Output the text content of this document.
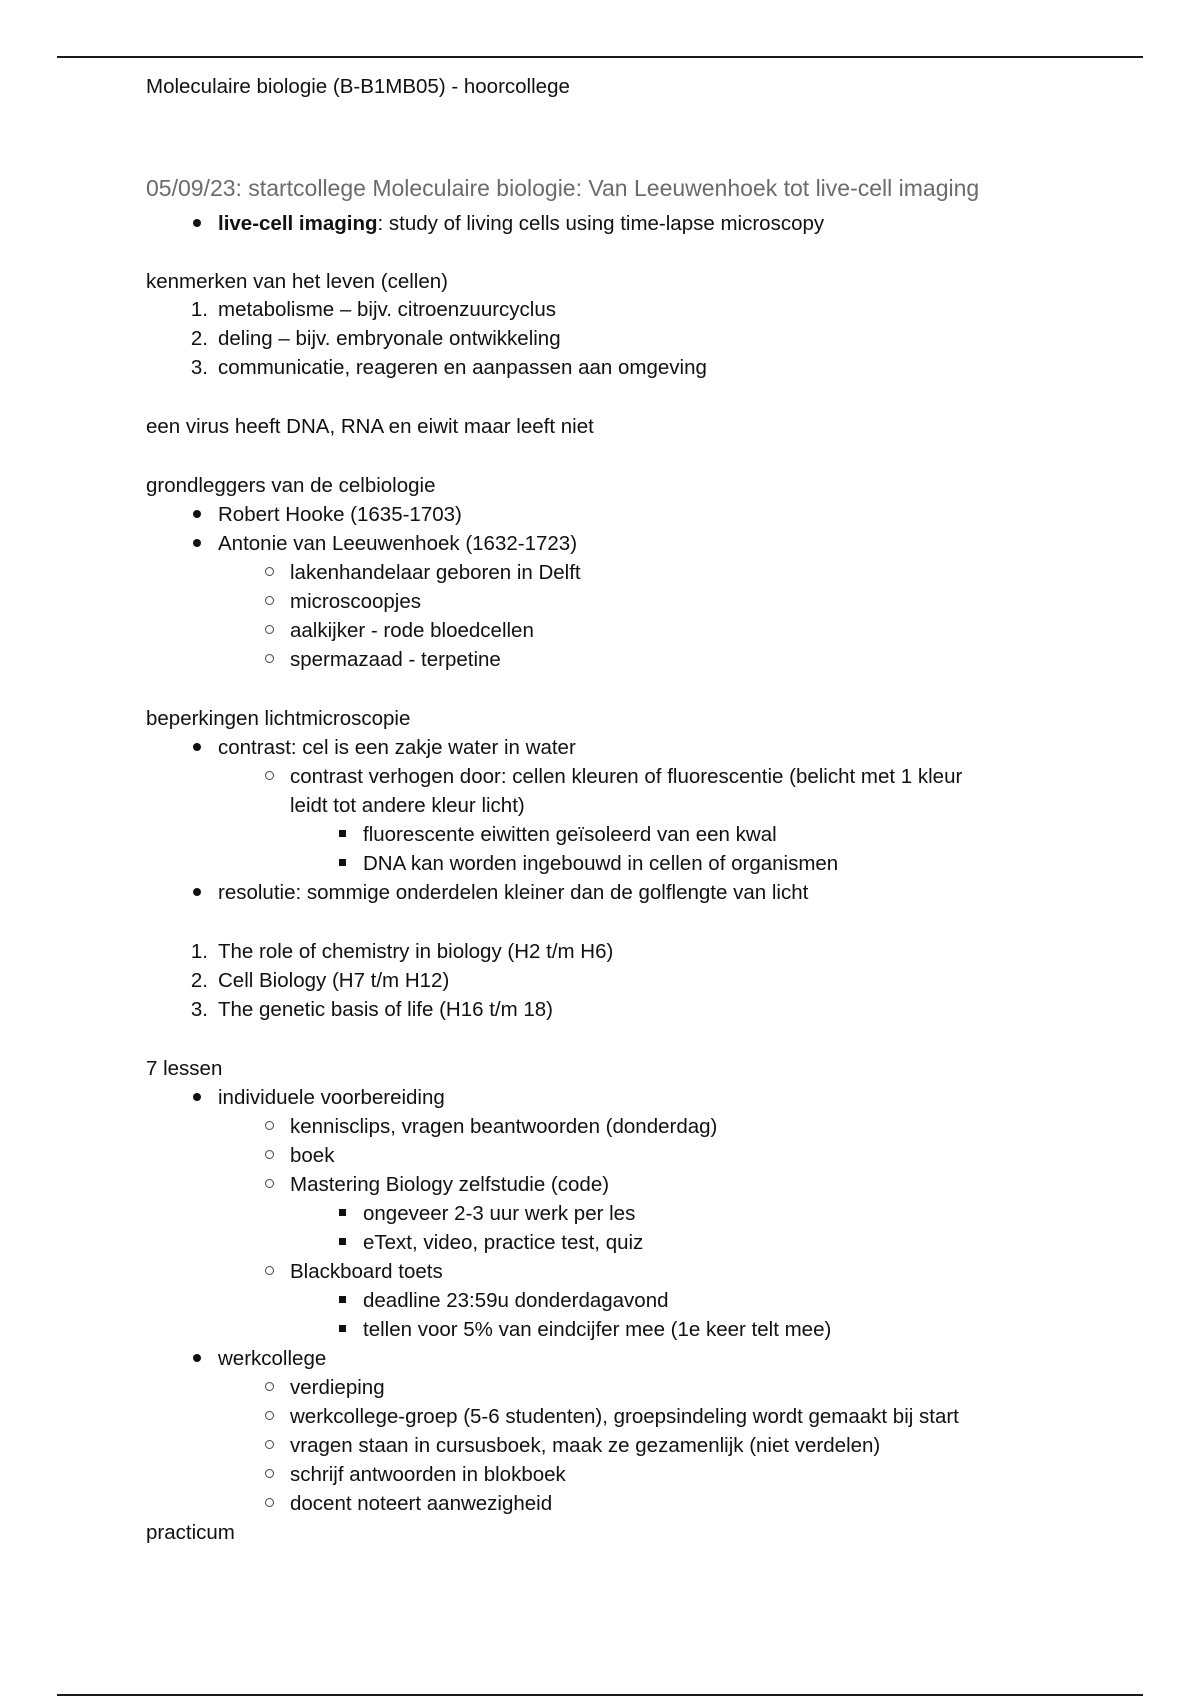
Moleculaire biologie (B-B1MB05) - hoorcollege
05/09/23: startcollege Moleculaire biologie: Van Leeuwenhoek tot live-cell imaging
live-cell imaging: study of living cells using time-lapse microscopy
kenmerken van het leven (cellen)
1. metabolisme – bijv. citroenzuurcyclus
2. deling – bijv. embryonale ontwikkeling
3. communicatie, reageren en aanpassen aan omgeving
een virus heeft DNA, RNA en eiwit maar leeft niet
grondleggers van de celbiologie
Robert Hooke (1635-1703)
Antonie van Leeuwenhoek (1632-1723)
lakenhandelaar geboren in Delft
microscoopjes
aalkijker - rode bloedcellen
spermazaad - terpetine
beperkingen lichtmicroscopie
contrast: cel is een zakje water in water
contrast verhogen door: cellen kleuren of fluorescentie (belicht met 1 kleur
leidt tot andere kleur licht)
fluorescente eiwitten geïsoleerd van een kwal
DNA kan worden ingebouwd in cellen of organismen
resolutie: sommige onderdelen kleiner dan de golflengte van licht
1. The role of chemistry in biology (H2 t/m H6)
2. Cell Biology (H7 t/m H12)
3. The genetic basis of life (H16 t/m 18)
7 lessen
individuele voorbereiding
kennisclips, vragen beantwoorden (donderdag)
boek
Mastering Biology zelfstudie (code)
ongeveer 2-3 uur werk per les
eText, video, practice test, quiz
Blackboard toets
deadline 23:59u donderdagavond
tellen voor 5% van eindcijfer mee (1e keer telt mee)
werkcollege
verdieping
werkcollege-groep (5-6 studenten), groepsindeling wordt gemaakt bij start
vragen staan in cursusboek, maak ze gezamenlijk (niet verdelen)
schrijf antwoorden in blokboek
docent noteert aanwezigheid
practicum
